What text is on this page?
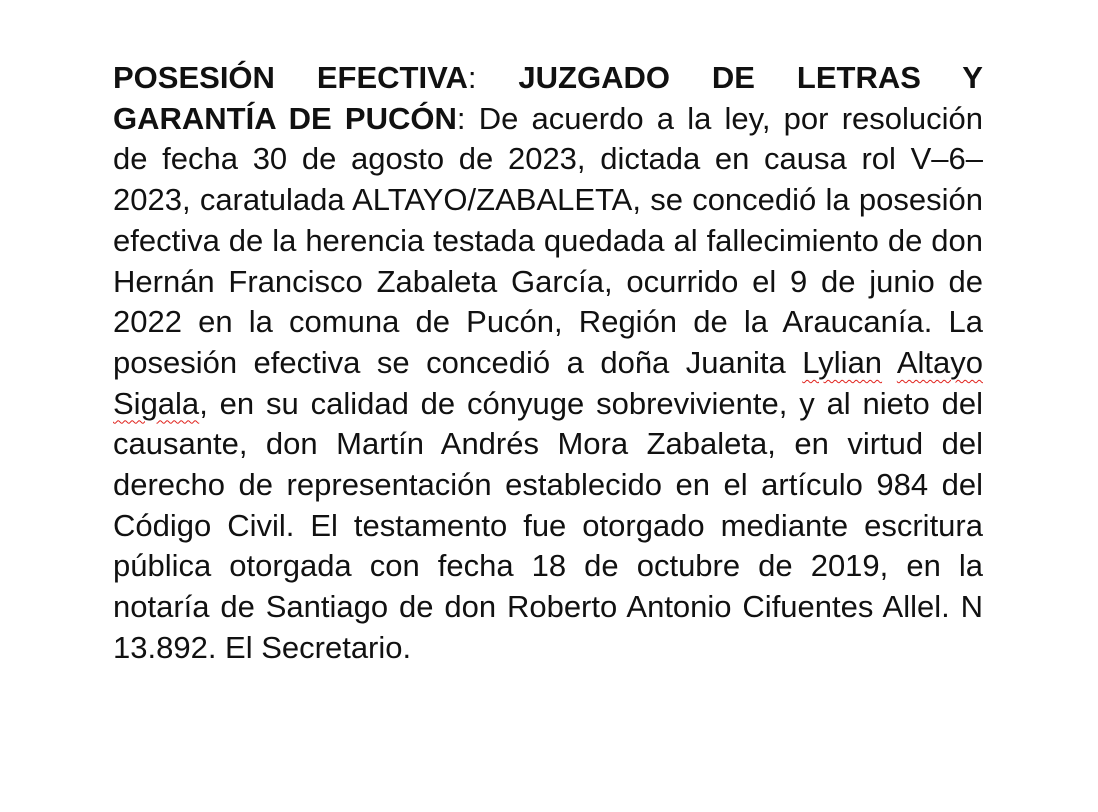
POSESIÓN EFECTIVA: JUZGADO DE LETRAS Y GARANTÍA DE PUCÓN: De acuerdo a la ley, por resolución de fecha 30 de agosto de 2023, dictada en causa rol V–6–2023, caratulada ALTAYO/ZABALETA, se concedió la posesión efectiva de la herencia testada quedada al fallecimiento de don Hernán Francisco Zabaleta García, ocurrido el 9 de junio de 2022 en la comuna de Pucón, Región de la Araucanía. La posesión efectiva se concedió a doña Juanita Lylian Altayo Sigala, en su calidad de cónyuge sobreviviente, y al nieto del causante, don Martín Andrés Mora Zabaleta, en virtud del derecho de representación establecido en el artículo 984 del Código Civil. El testamento fue otorgado mediante escritura pública otorgada con fecha 18 de octubre de 2019, en la notaría de Santiago de don Roberto Antonio Cifuentes Allel. N 13.892. El Secretario.
